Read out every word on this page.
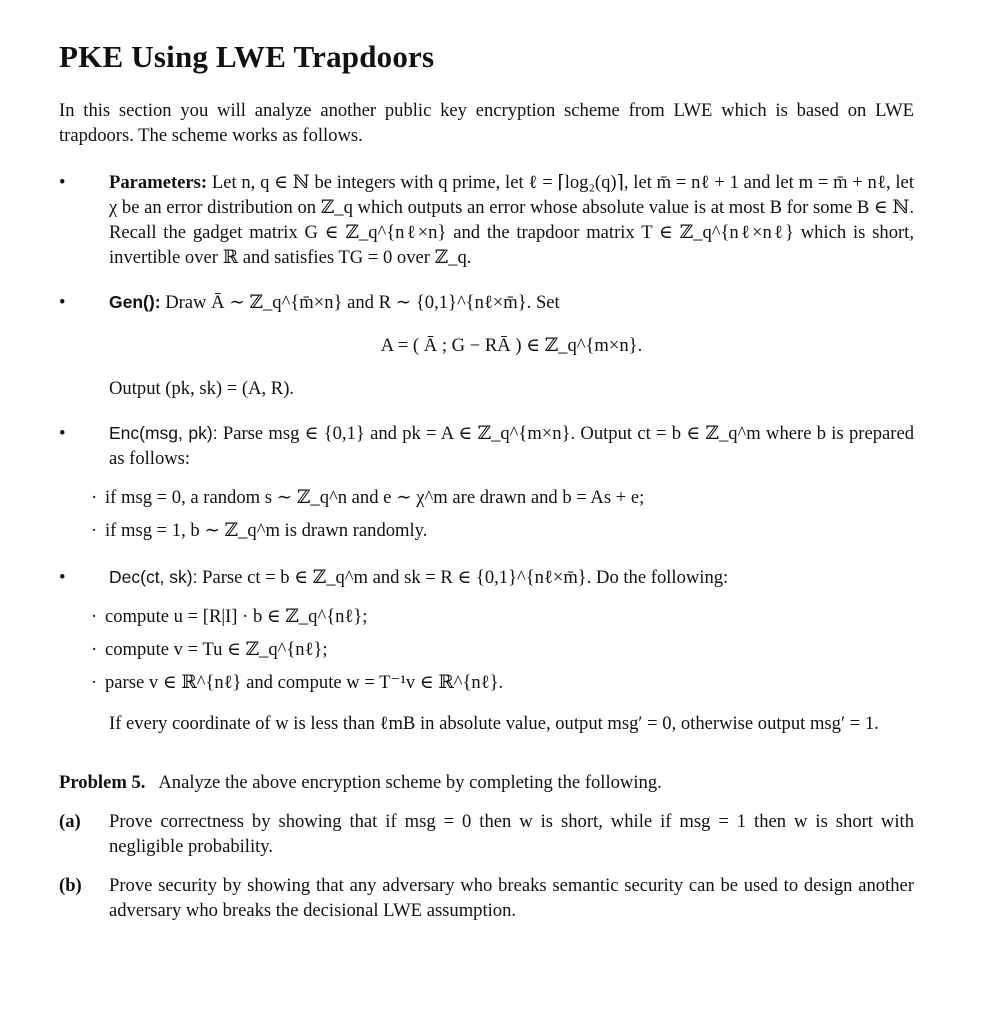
PKE Using LWE Trapdoors

In this section you will analyze another public key encryption scheme from LWE which is based on LWE trapdoors. The scheme works as follows.

•	Parameters: Let n, q ∈ ℕ be integers with q prime, let ℓ = ⌈log₂(q)⌉, let m̄ = nℓ + 1 and let m = m̄ + nℓ, let χ be an error distribution on ℤ_q which outputs an error whose absolute value is at most B for some B ∈ ℕ. Recall the gadget matrix G ∈ ℤ_q^{nℓ×n} and the trapdoor matrix T ∈ ℤ_q^{nℓ×nℓ} which is short, invertible over ℝ and satisfies TG = 0 over ℤ_q.
•	Gen(): Draw Ā ∼ ℤ_q^{m̄×n} and R ∼ {0,1}^{nℓ×m̄}. Set
A = ( Ā ; G − RĀ ) ∈ ℤ_q^{m×n}.
Output (pk, sk) = (A, R).
•	Enc(msg, pk): Parse msg ∈ {0,1} and pk = A ∈ ℤ_q^{m×n}. Output ct = b ∈ ℤ_q^m where b is prepared as follows:
· if msg = 0, a random s ∼ ℤ_q^n and e ∼ χ^m are drawn and b = As + e;
· if msg = 1, b ∼ ℤ_q^m is drawn randomly.
•	Dec(ct, sk): Parse ct = b ∈ ℤ_q^m and sk = R ∈ {0,1}^{nℓ×m̄}. Do the following:
· compute u = [R|I] · b ∈ ℤ_q^{nℓ};
· compute v = Tu ∈ ℤ_q^{nℓ};
· parse v ∈ ℝ^{nℓ} and compute w = T⁻¹v ∈ ℝ^{nℓ}.
If every coordinate of w is less than ℓmB in absolute value, output msg′ = 0, otherwise output msg′ = 1.
Problem 5. Analyze the above encryption scheme by completing the following.
(a) Prove correctness by showing that if msg = 0 then w is short, while if msg = 1 then w is short with negligible probability.
(b) Prove security by showing that any adversary who breaks semantic security can be used to design another adversary who breaks the decisional LWE assumption.
